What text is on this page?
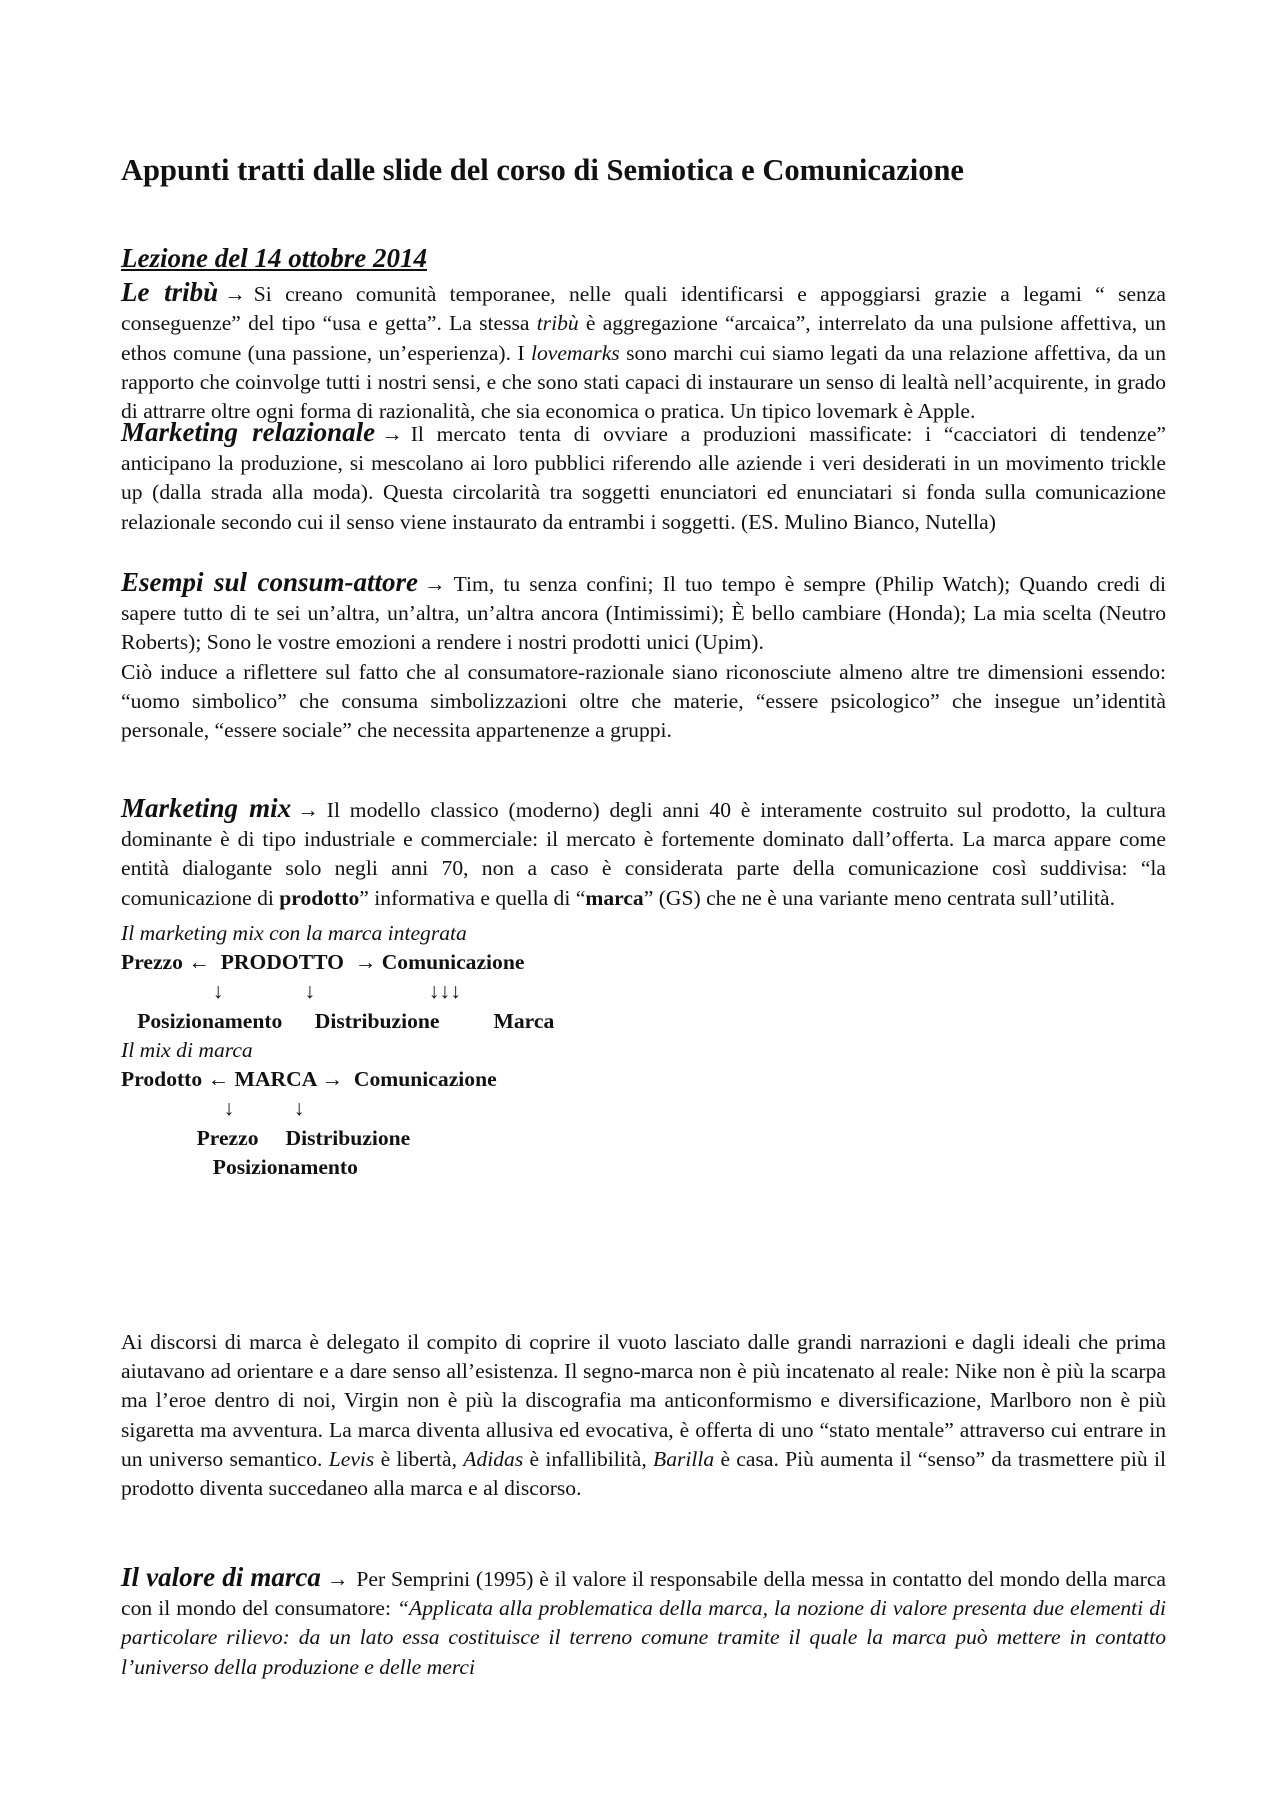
Appunti tratti dalle slide del corso di Semiotica e Comunicazione
Lezione del 14 ottobre 2014

Le tribù → Si creano comunità temporanee, nelle quali identificarsi e appoggiarsi grazie a legami “ senza conseguenze” del tipo “usa e getta”. La stessa tribù è aggregazione “arcaica”, interrelato da una pulsione affettiva, un ethos comune (una passione, un’esperienza). I lovemarks sono marchi cui siamo legati da una relazione affettiva, da un rapporto che coinvolge tutti i nostri sensi, e che sono stati capaci di instaurare un senso di lealtà nell’acquirente, in grado di attrarre oltre ogni forma di razionalità, che sia economica o pratica. Un tipico lovemark è Apple.

Marketing relazionale → Il mercato tenta di ovviare a produzioni massificate: i “cacciatori di tendenze” anticipano la produzione, si mescolano ai loro pubblici riferendo alle aziende i veri desiderati in un movimento trickle up (dalla strada alla moda). Questa circolarità tra soggetti enunciatori ed enunciatari si fonda sulla comunicazione relazionale secondo cui il senso viene instaurato da entrambi i soggetti. (ES. Mulino Bianco, Nutella)

Esempi sul consum-attore → Tim, tu senza confini; Il tuo tempo è sempre (Philip Watch); Quando credi di sapere tutto di te sei un’altra, un’altra, un’altra ancora (Intimissimi); È bello cambiare (Honda); La mia scelta (Neutro Roberts); Sono le vostre emozioni a rendere i nostri prodotti unici (Upim).

Ciò induce a riflettere sul fatto che al consumatore-razionale siano riconosciute almeno altre tre dimensioni essendo: “uomo simbolico” che consuma simbolizzazioni oltre che materie, “essere psicologico” che insegue un’identità personale, “essere sociale” che necessita appartenenze a gruppi.

Marketing mix → Il modello classico (moderno) degli anni 40 è interamente costruito sul prodotto, la cultura dominante è di tipo industriale e commerciale: il mercato è fortemente dominato dall’offerta. La marca appare come entità dialogante solo negli anni 70, non a caso è considerata parte della comunicazione così suddivisa: “la comunicazione di prodotto” informativa e quella di “marca” (GS) che ne è una variante meno centrata sull’utilità.

Il marketing mix con la marca integrata
Prezzo ←  PRODOTTO  → Comunicazione
↓               ↓                     ↓↓↓
Posizionamento      Distribuzione          Marca
Il mix di marca
Prodotto ← MARCA →  Comunicazione
↓           ↓
Prezzo     Distribuzione
Posizionamento

Ai discorsi di marca è delegato il compito di coprire il vuoto lasciato dalle grandi narrazioni e dagli ideali che prima aiutavano ad orientare e a dare senso all’esistenza. Il segno-marca non è più incatenato al reale: Nike non è più la scarpa ma l’eroe dentro di noi, Virgin non è più la discografia ma anticonformismo e diversificazione, Marlboro non è più sigaretta ma avventura. La marca diventa allusiva ed evocativa, è offerta di uno “stato mentale” attraverso cui entrare in un universo semantico. Levis è libertà, Adidas è infallibilità, Barilla è casa. Più aumenta il “senso” da trasmettere più il prodotto diventa succedaneo alla marca e al discorso.

Il valore di marca → Per Semprini (1995) è il valore il responsabile della messa in contatto del mondo della marca con il mondo del consumatore: “Applicata alla problematica della marca, la nozione di valore presenta due elementi di particolare rilievo: da un lato essa costituisce il terreno comune tramite il quale la marca può mettere in contatto l’universo della produzione e delle merci
